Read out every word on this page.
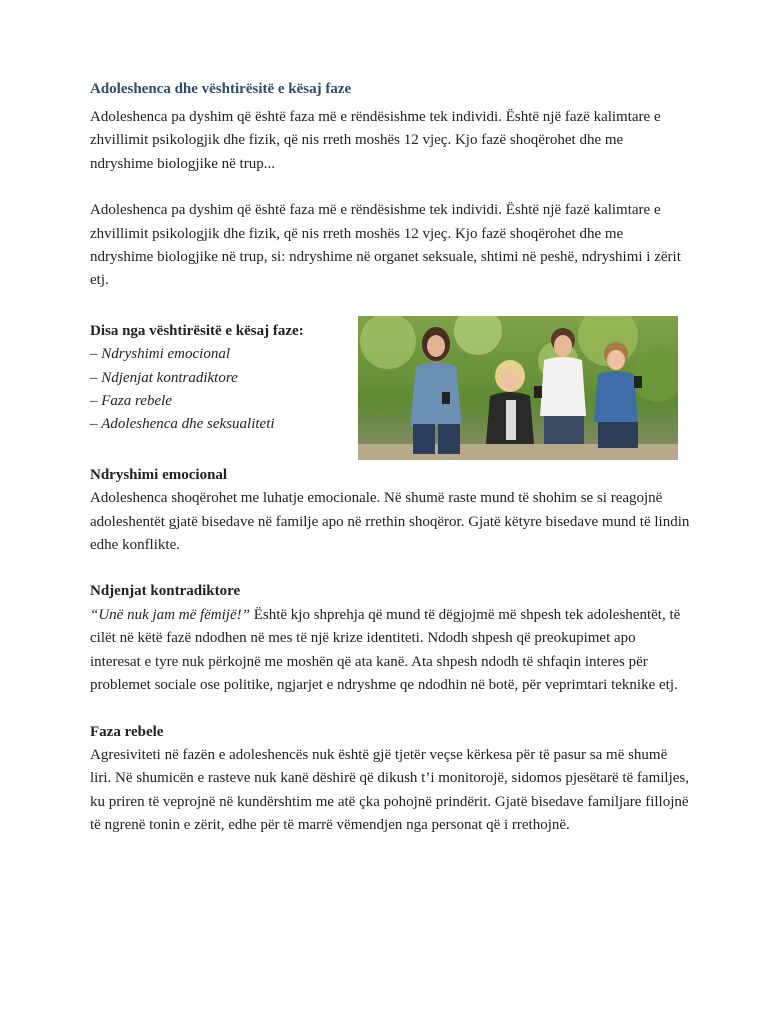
Adoleshenca dhe vështirësitë e kësaj faze

Adoleshenca pa dyshim që është faza më e rëndësishme tek individi. Është një fazë kalimtare e zhvillimit psikologjik dhe fizik, që nis rreth moshës 12 vjeç. Kjo fazë shoqërohet dhe me ndryshime biologjike në trup...

Adoleshenca pa dyshim që është faza më e rëndësishme tek individi. Është një fazë kalimtare e zhvillimit psikologjik dhe fizik, që nis rreth moshës 12 vjeç. Kjo fazë shoqërohet dhe me ndryshime biologjike në trup, si: ndryshime në organet seksuale, shtimi në peshë, ndryshimi i zërit etj.

Disa nga vështirësitë e kësaj faze:
– Ndryshimi emocional
– Ndjenjat kontradiktore
– Faza rebele
– Adoleshenca dhe seksualiteti
Ndryshimi emocional

Adoleshenca shoqërohet me luhatje emocionale. Në shumë raste mund të shohim se si reagojnë adoleshentët gjatë bisedave në familje apo në rrethin shoqëror. Gjatë këtyre bisedave mund të lindin edhe konflikte.

Ndjenjat kontradiktore

“Unë nuk jam më fëmijë!” Është kjo shprehja që mund të dëgjojmë më shpesh tek adoleshentët, të cilët në këtë fazë ndodhen në mes të një krize identiteti. Ndodh shpesh që preokupimet apo interesat e tyre nuk përkojnë me moshën që ata kanë. Ata shpesh ndodh të shfaqin interes për problemet sociale ose politike, ngjarjet e ndryshme qe ndodhin në botë, për veprimtari teknike etj.

Faza rebele

Agresiviteti në fazën e adoleshencës nuk është gjë tjetër veçse kërkesa për të pasur sa më shumë liri. Në shumicën e rasteve nuk kanë dëshirë që dikush t’i monitorojë, sidomos pjesëtarë të familjes, ku priren të veprojnë në kundërshtim me atë çka pohojnë prindërit. Gjatë bisedave familjare fillojnë të ngrenë tonin e zërit, edhe për të marrë vëmendjen nga personat që i rrethojnë.
